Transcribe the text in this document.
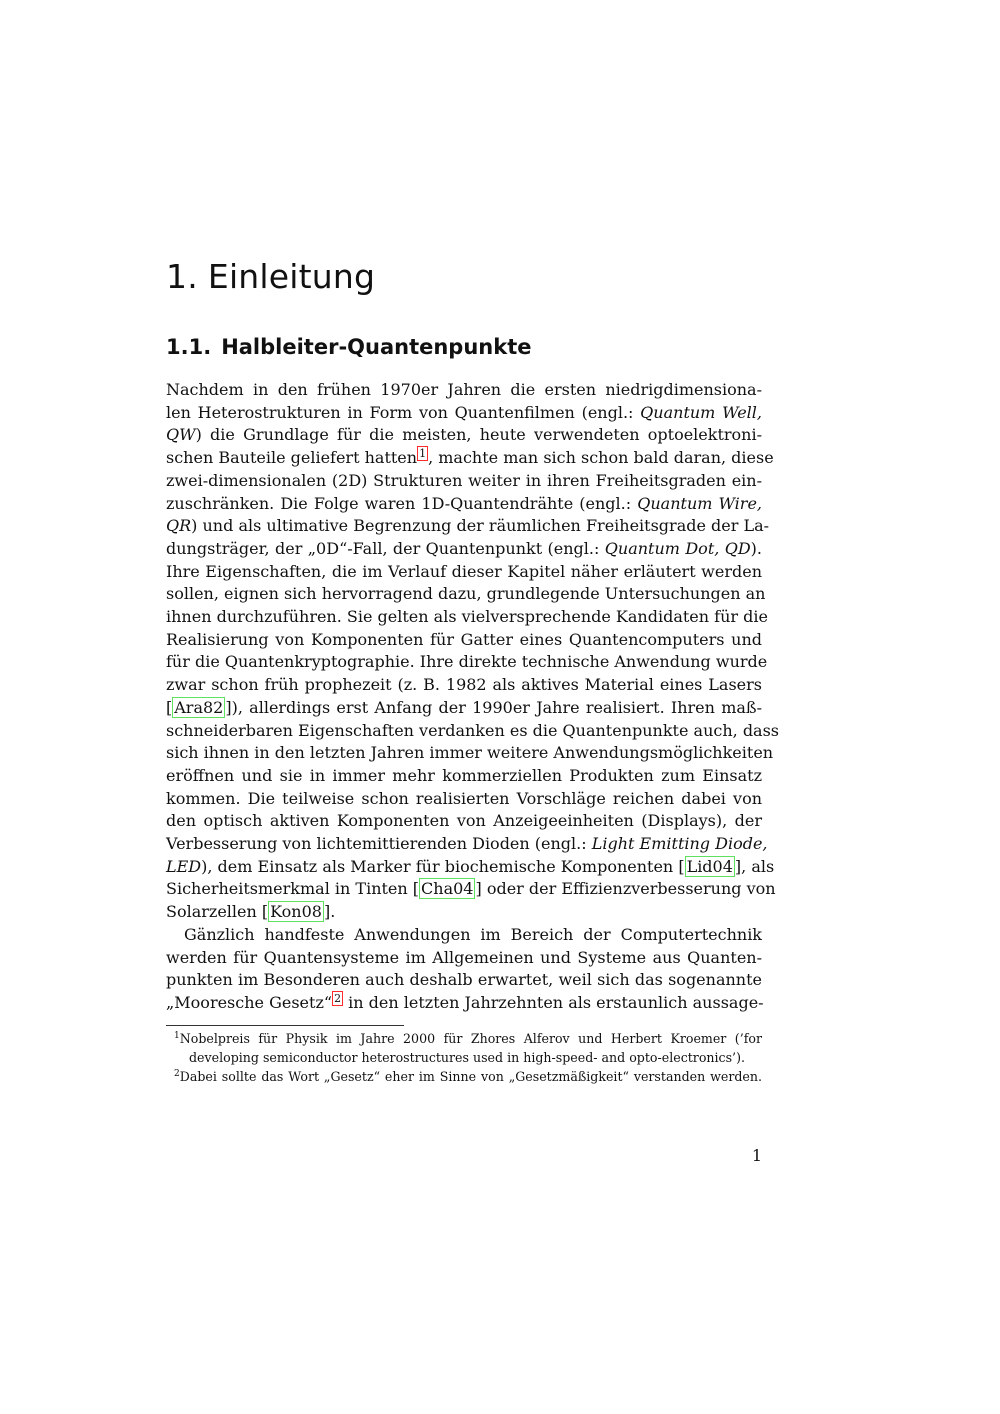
1. Einleitung
1.1. Halbleiter-Quantenpunkte

Nachdem in den frühen 1970er Jahren die ersten niedrigdimensiona-
len Heterostrukturen in Form von Quantenfilmen (engl.: Quantum Well,
QW) die Grundlage für die meisten, heute verwendeten optoelektroni-
schen Bauteile geliefert hatten $^1$ , machte man sich schon bald daran, diese
zwei-dimensionalen (2D) Strukturen weiter in ihren Freiheitsgraden ein-
zuschränken. Die Folge waren 1D-Quantendrähte (engl.: Quantum Wire,
QR) und als ultimative Begrenzung der räumlichen Freiheitsgrade der La-
dungsträger, der „0D“-Fall, der Quantenpunkt (engl.: Quantum Dot, QD).
Ihre Eigenschaften, die im Verlauf dieser Kapitel näher erläutert werden
sollen, eignen sich hervorragend dazu, grundlegende Untersuchungen an
ihnen durchzuführen. Sie gelten als vielversprechende Kandidaten für die
Realisierung von Komponenten für Gatter eines Quantencomputers und
für die Quantenkryptographie. Ihre direkte technische Anwendung wurde
zwar schon früh prophezeit (z. B. 1982 als aktives Material eines Lasers
[ Ara82 ]), allerdings erst Anfang der 1990er Jahre realisiert. Ihren maß-
schneiderbaren Eigenschaften verdanken es die Quantenpunkte auch, dass
sich ihnen in den letzten Jahren immer weitere Anwendungsmöglichkeiten
eröffnen und sie in immer mehr kommerziellen Produkten zum Einsatz
kommen. Die teilweise schon realisierten Vorschläge reichen dabei von
den optisch aktiven Komponenten von Anzeigeeinheiten (Displays), der
Verbesserung von lichtemittierenden Dioden (engl.: Light Emitting Diode,
LED), dem Einsatz als Marker für biochemische Komponenten [ Lid04 ], als
Sicherheitsmerkmal in Tinten [ Cha04 ] oder der Effizienzverbesserung von
Solarzellen [ Kon08 ].

Gänzlich handfeste Anwendungen im Bereich der Computertechnik
werden für Quantensysteme im Allgemeinen und Systeme aus Quanten-
punkten im Besonderen auch deshalb erwartet, weil sich das sogenannte
„Mooresche Gesetz“ $^2$ in den letzten Jahrzehnten als erstaunlich aussage-

$^1$Nobelpreis für Physik im Jahre 2000 für Zhores Alferov und Herbert Kroemer (’for
developing semiconductor heterostructures used in high-speed- and opto-electronics’).
$^2$Dabei sollte das Wort „Gesetz“ eher im Sinne von „Gesetzmäßigkeit“ verstanden werden.
1
